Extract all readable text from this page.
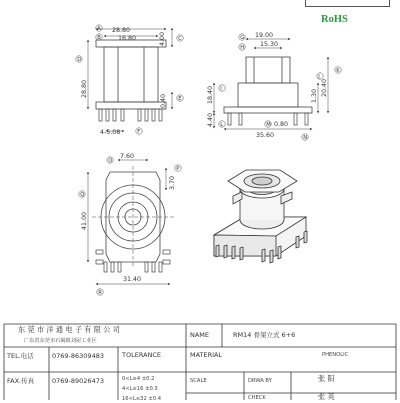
RoHS
28.80
16.80	4.00
28.80
0.40
4-5.08
A
B	C
D
E
F
19.00
15.30
18.40	1.30 20.40
4.40	0.80
35.60
G
H
I
J
K
L	M
N
7.60
3.70
41.00
31.40
O
P
Q
R
东 莞 市 洋 通 电 子 有 限 公 司
广东省东莞市石碣镇刘屋工业区
NAME	RM14 骨架立式 6+6
TEL.电话	0769-86309483	TOLERANCE	MATERIAL	PHENOLIC
FAX.传真	0769-89026473	0<L≤4 ±0.2
4<L≤16 ±0.3
16<L≤32 ±0.4
SCALE	DRWA BY	张 阳
CHECK	张 英
